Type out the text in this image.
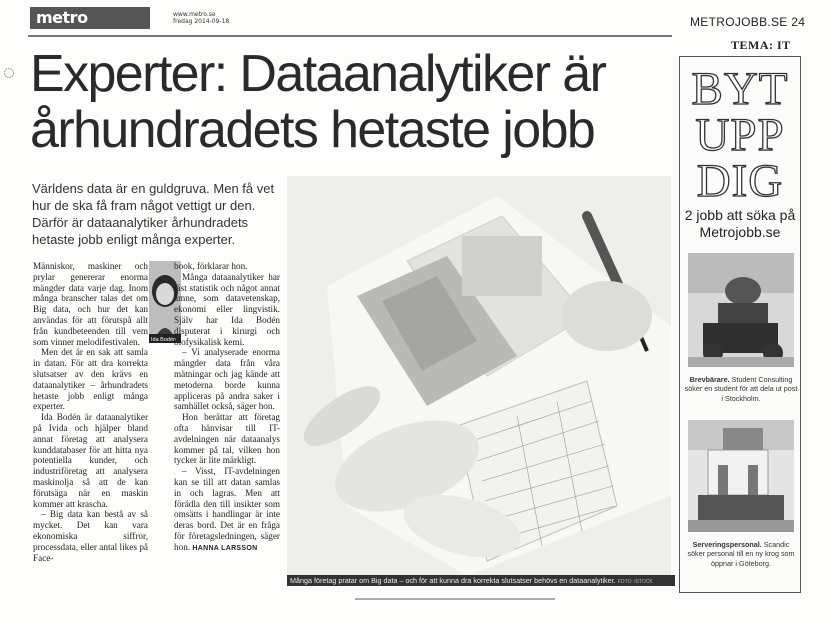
metro	www.metro.se
fredag 2014-09-18	METROJOBB.SE 24
TEMA: IT
Experter: Dataanalytiker är
århundradets hetaste jobb
Världens data är en guldgruva. Men få vet hur de ska få fram något vettigt ur den. Därför är dataanalytiker århundradets hetaste jobb enligt många experter.

Människor, maskiner och prylar genererar enorma mängder data varje dag. Inom många branscher talas det om Big data, och hur det kan användas för att förutspå allt från kundbeteenden till vem som vinner melodifestivalen.

Men det är en sak att samla in datan. För att dra korrekta slutsatser av den krävs en dataanalytiker – århundradets hetaste jobb enligt många experter.

Ida Bodén är dataanalytiker på Ivida och hjälper bland annat företag att analysera kunddatabaser för att hitta nya potentiella kunder, och industriföretag att analysera maskinolja så att de kan förutsäga när en maskin kommer att krascha.

– Big data kan bestå av så mycket. Det kan vara ekonomiska siffror, processdata, eller antal likes på Face-

Ida Bodén

book, förklarar hon.

Många dataanalytiker har läst statistik och något annat ämne, som datavetenskap, ekonomi eller lingvistik. Själv har Ida Bodén disputerat i kirurgi och biofysikalisk kemi.

– Vi analyserade enorma mängder data från våra mätningar och jag kände att metoderna borde kunna appliceras på andra saker i samhället också, säger hon.

Hon berättar att företag ofta hänvisar till IT-avdelningen när dataanalys kommer på tal, vilken hon tycker är lite märkligt.

– Visst, IT-avdelningen kan se till att datan samlas in och lagras. Men att förädla den till insikter som omsätts i handlingar är inte deras bord. Det är en fråga för företagsledningen, säger hon. HANNA LARSSON

Många företag pratar om Big data – och för att kunna dra korrekta slutsatser behövs en dataanalytiker. FOTO: ISTOCK
BYT
UPP
DIG
2 jobb att söka på
Metrojobb.se
Brevbärare. Student Consulting söker en student för att dela ut post i Stockholm.
Serveringspersonal. Scandic söker personal till en ny krog som öppnar i Göteborg.
